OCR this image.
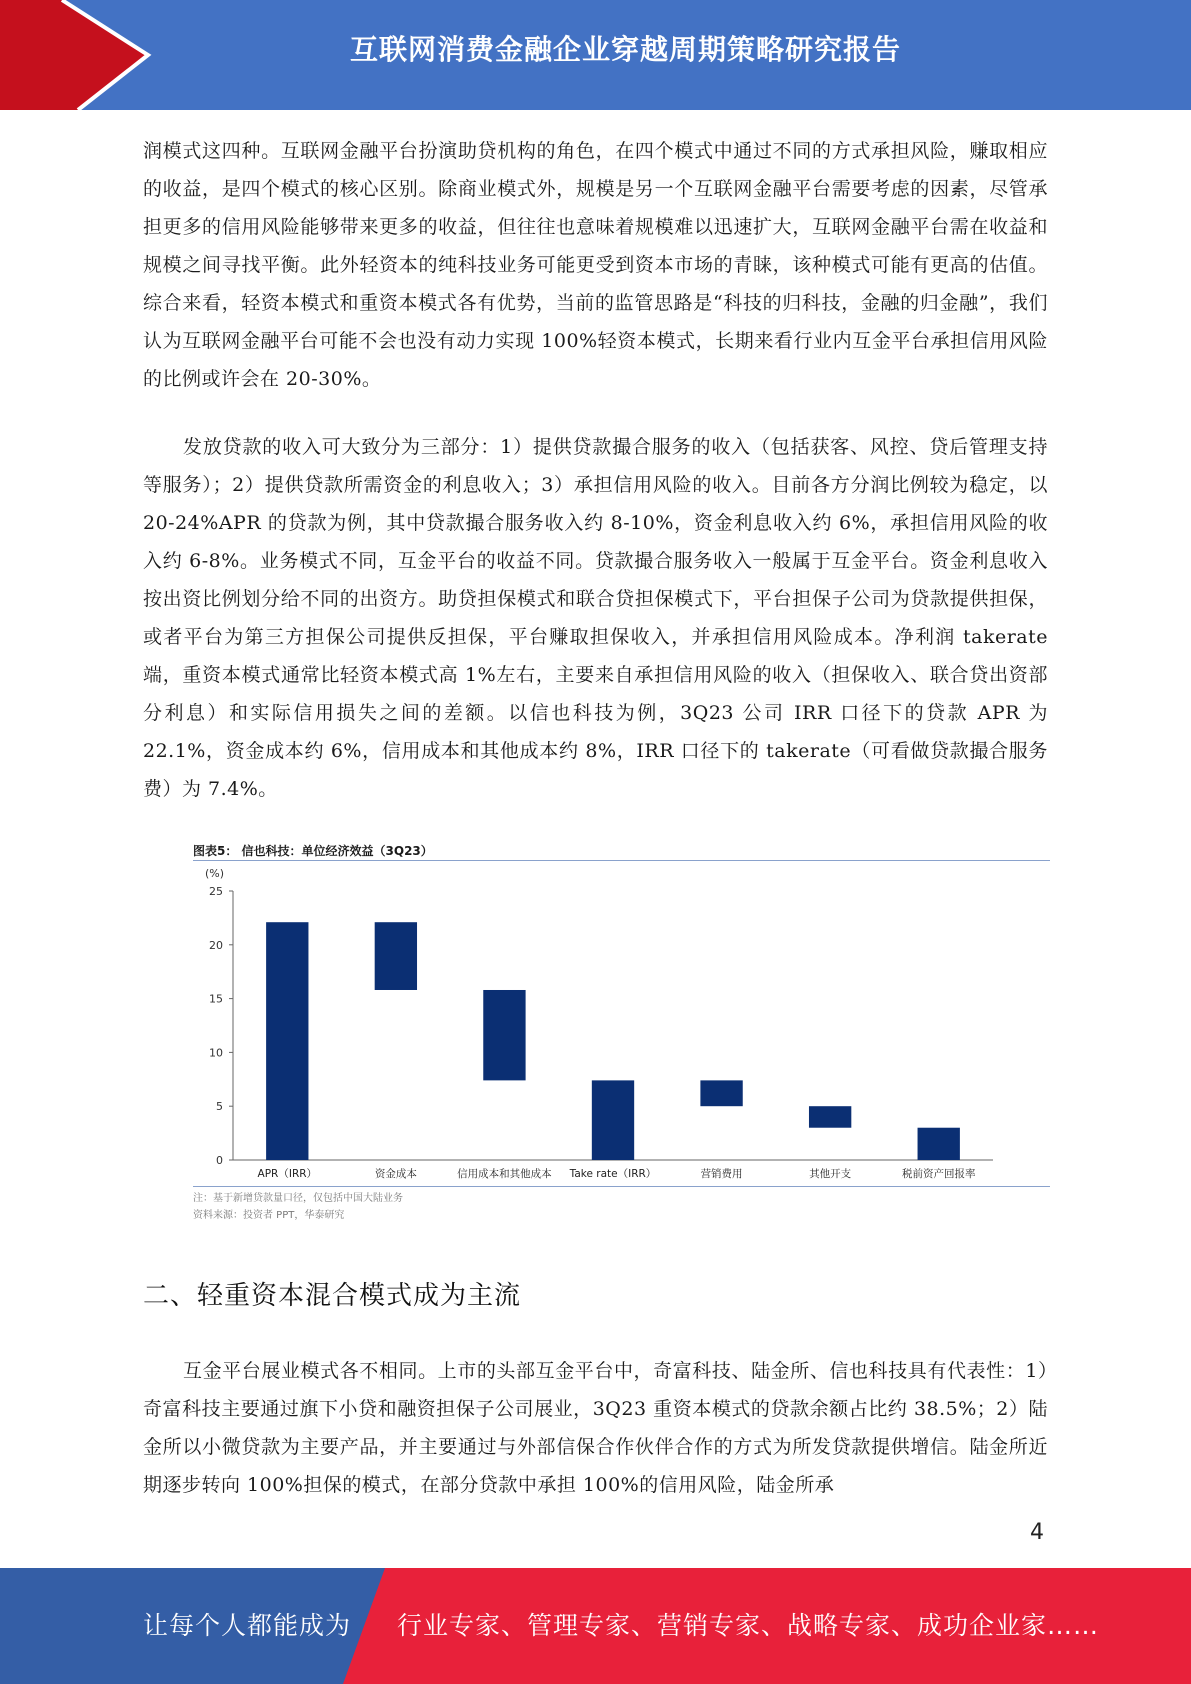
互联网消费金融企业穿越周期策略研究报告

润模式这四种。互联网金融平台扮演助贷机构的角色，在四个模式中通过不同的方式承担风险，赚取相应的收益，是四个模式的核心区别。除商业模式外，规模是另一个互联网金融平台需要考虑的因素，尽管承担更多的信用风险能够带来更多的收益，但往往也意味着规模难以迅速扩大，互联网金融平台需在收益和规模之间寻找平衡。此外轻资本的纯科技业务可能更受到资本市场的青睐，该种模式可能有更高的估值。综合来看，轻资本模式和重资本模式各有优势，当前的监管思路是“科技的归科技，金融的归金融”，我们认为互联网金融平台可能不会也没有动力实现 100%轻资本模式，长期来看行业内互金平台承担信用风险的比例或许会在 20-30%。

发放贷款的收入可大致分为三部分：1）提供贷款撮合服务的收入（包括获客、风控、贷后管理支持等服务）；2）提供贷款所需资金的利息收入；3）承担信用风险的收入。目前各方分润比例较为稳定，以 20-24%APR 的贷款为例，其中贷款撮合服务收入约 8-10%，资金利息收入约 6%，承担信用风险的收入约 6-8%。业务模式不同，互金平台的收益不同。贷款撮合服务收入一般属于互金平台。资金利息收入按出资比例划分给不同的出资方。助贷担保模式和联合贷担保模式下，平台担保子公司为贷款提供担保，或者平台为第三方担保公司提供反担保，平台赚取担保收入，并承担信用风险成本。净利润 takerate 端，重资本模式通常比轻资本模式高 1%左右，主要来自承担信用风险的收入（担保收入、联合贷出资部分利息）和实际信用损失之间的差额。以信也科技为例，3Q23 公司 IRR 口径下的贷款 APR 为 22.1%，资金成本约 6%，信用成本和其他成本约 8%，IRR 口径下的 takerate（可看做贷款撮合服务费）为 7.4%。

图表5： 信也科技：单位经济效益（3Q23）
(%)
0
5
10
15
20
25
APR（IRR）	资金成本	信用成本和其他成本 Take rate（IRR）	营销费用	其他开支	税前资产回报率
注：基于新增贷款量口径，仅包括中国大陆业务
资料来源：投资者 PPT，华泰研究
二、轻重资本混合模式成为主流

互金平台展业模式各不相同。上市的头部互金平台中，奇富科技、陆金所、信也科技具有代表性：1）奇富科技主要通过旗下小贷和融资担保子公司展业，3Q23 重资本模式的贷款余额占比约 38.5%；2）陆金所以小微贷款为主要产品，并主要通过与外部信保合作伙伴合作的方式为所发贷款提供增信。陆金所近期逐步转向 100%担保的模式，在部分贷款中承担 100%的信用风险，陆金所承

4
让每个人都能成为 行业专家、管理专家、营销专家、战略专家、成功企业家……
